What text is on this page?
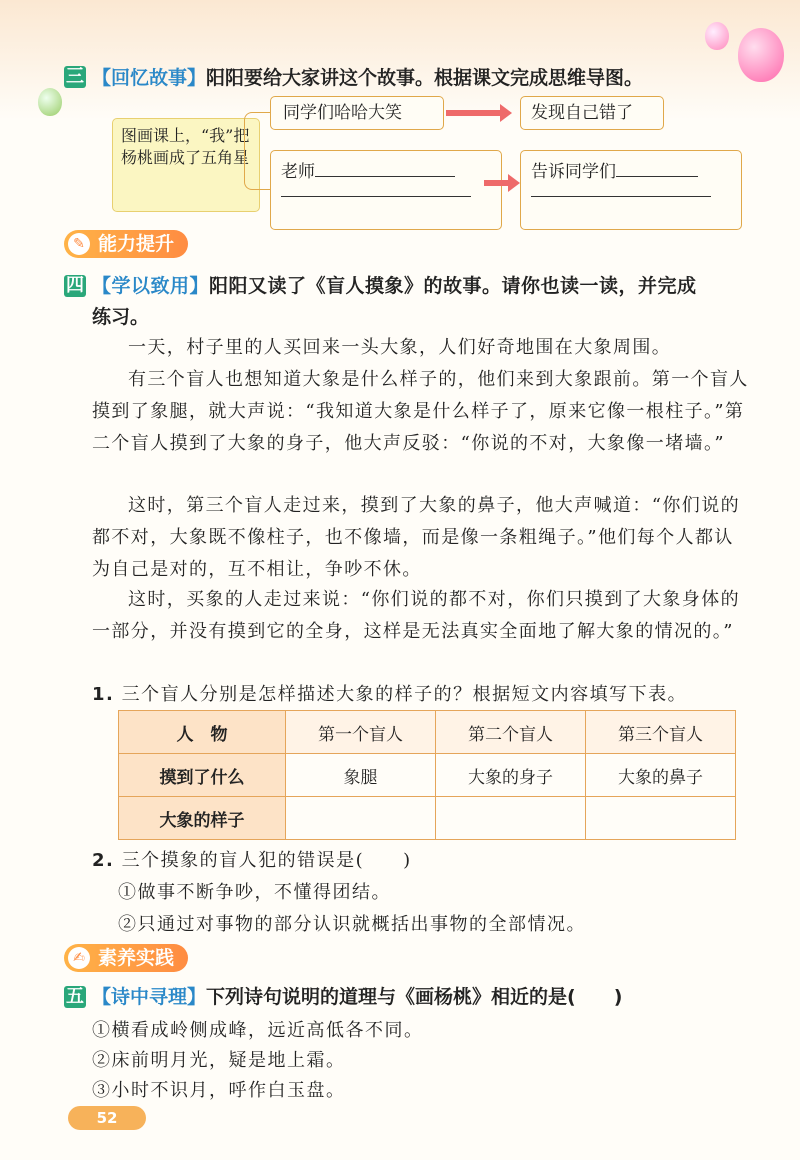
三 【回忆故事】阳阳要给大家讲这个故事。根据课文完成思维导图。
图画课上，“我”把杨桃画成了五角星
同学们哈哈大笑	发现自己错了
老师	告诉同学们

✎ 能力提升
四 【学以致用】阳阳又读了《盲人摸象》的故事。请你也读一读，并完成
练习。
一天，村子里的人买回来一头大象，人们好奇地围在大象周围。
有三个盲人也想知道大象是什么样子的，他们来到大象跟前。第一个盲人摸到了象腿，就大声说：“我知道大象是什么样子了，原来它像一根柱子。”第二个盲人摸到了大象的身子，他大声反驳：“你说的不对，大象像一堵墙。”
这时，第三个盲人走过来，摸到了大象的鼻子，他大声喊道：“你们说的都不对，大象既不像柱子，也不像墙，而是像一条粗绳子。”他们每个人都认为自己是对的，互不相让，争吵不休。
这时，买象的人走过来说：“你们说的都不对，你们只摸到了大象身体的一部分，并没有摸到它的全身，这样是无法真实全面地了解大象的情况的。”
1. 三个盲人分别是怎样描述大象的样子的？根据短文内容填写下表。
人　物	第一个盲人	第二个盲人	第三个盲人
摸到了什么	象腿	大象的身子	大象的鼻子
大象的样子			
2. 三个摸象的盲人犯的错误是(　　)
①做事不断争吵，不懂得团结。
②只通过对事物的部分认识就概括出事物的全部情况。
✍ 素养实践
五 【诗中寻理】下列诗句说明的道理与《画杨桃》相近的是(　　)
①横看成岭侧成峰，远近高低各不同。
②床前明月光，疑是地上霜。
③小时不识月，呼作白玉盘。
52
